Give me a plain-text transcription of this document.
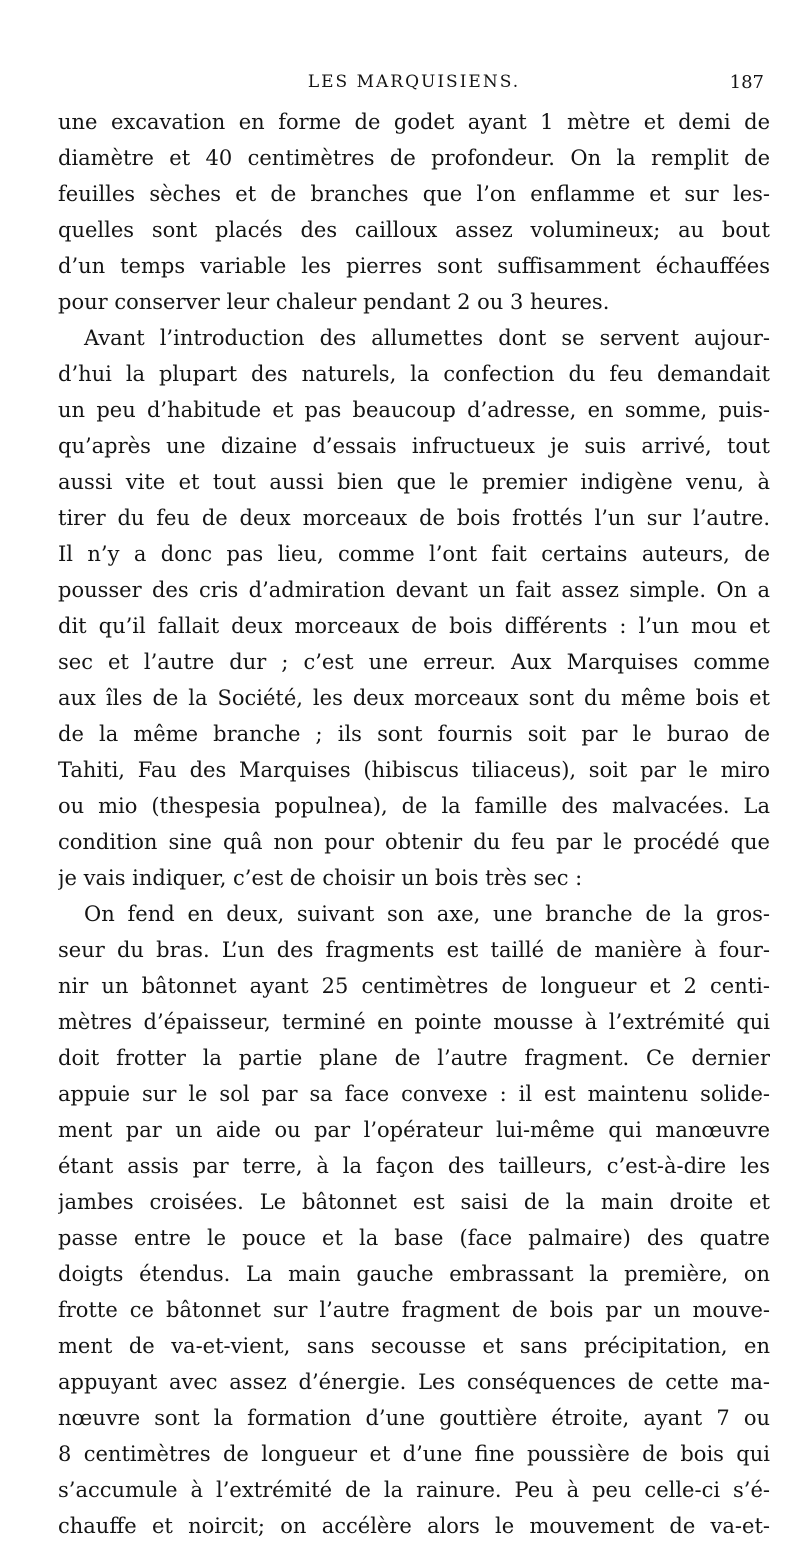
LES MARQUISIENS.	187
une excavation en forme de godet ayant 1 mètre et demi de
diamètre et 40 centimètres de profondeur. On la remplit de
feuilles sèches et de branches que l’on enflamme et sur les-
quelles sont placés des cailloux assez volumineux; au bout
d’un temps variable les pierres sont suffisamment échauffées
pour conserver leur chaleur pendant 2 ou 3 heures.
Avant l’introduction des allumettes dont se servent aujour-
d’hui la plupart des naturels, la confection du feu demandait
un peu d’habitude et pas beaucoup d’adresse, en somme, puis-
qu’après une dizaine d’essais infructueux je suis arrivé, tout
aussi vite et tout aussi bien que le premier indigène venu, à
tirer du feu de deux morceaux de bois frottés l’un sur l’autre.
Il n’y a donc pas lieu, comme l’ont fait certains auteurs, de
pousser des cris d’admiration devant un fait assez simple. On a
dit qu’il fallait deux morceaux de bois différents : l’un mou et
sec et l’autre dur ; c’est une erreur. Aux Marquises comme
aux îles de la Société, les deux morceaux sont du même bois et
de la même branche ; ils sont fournis soit par le burao de
Tahiti, Fau des Marquises (hibiscus tiliaceus), soit par le miro
ou mio (thespesia populnea), de la famille des malvacées. La
condition sine quâ non pour obtenir du feu par le procédé que
je vais indiquer, c’est de choisir un bois très sec :
On fend en deux, suivant son axe, une branche de la gros-
seur du bras. L’un des fragments est taillé de manière à four-
nir un bâtonnet ayant 25 centimètres de longueur et 2 centi-
mètres d’épaisseur, terminé en pointe mousse à l’extrémité qui
doit frotter la partie plane de l’autre fragment. Ce dernier
appuie sur le sol par sa face convexe : il est maintenu solide-
ment par un aide ou par l’opérateur lui-même qui manœuvre
étant assis par terre, à la façon des tailleurs, c’est-à-dire les
jambes croisées. Le bâtonnet est saisi de la main droite et
passe entre le pouce et la base (face palmaire) des quatre
doigts étendus. La main gauche embrassant la première, on
frotte ce bâtonnet sur l’autre fragment de bois par un mouve-
ment de va-et-vient, sans secousse et sans précipitation, en
appuyant avec assez d’énergie. Les conséquences de cette ma-
nœuvre sont la formation d’une gouttière étroite, ayant 7 ou
8 centimètres de longueur et d’une fine poussière de bois qui
s’accumule à l’extrémité de la rainure. Peu à peu celle-ci s’é-
chauffe et noircit; on accélère alors le mouvement de va-et-
